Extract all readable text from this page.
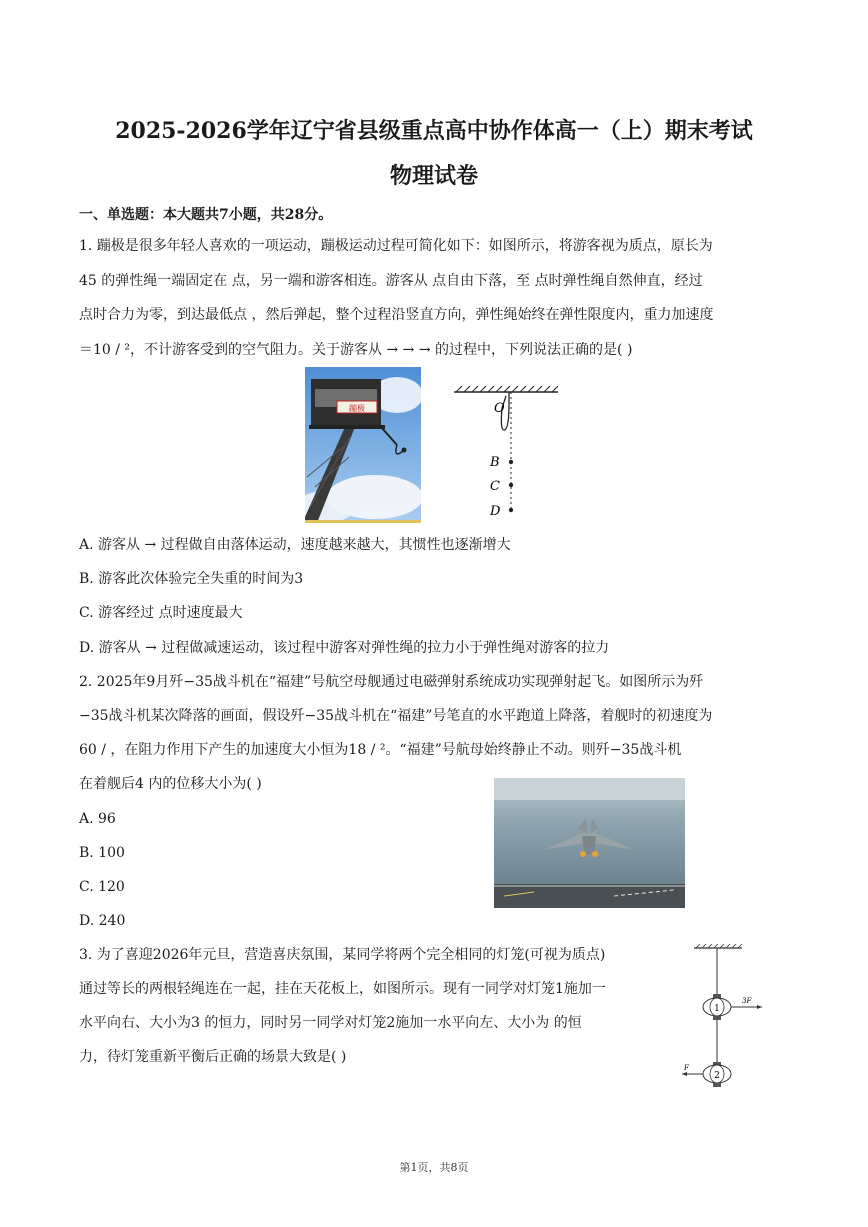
2025-2026学年辽宁省县级重点高中协作体高一（上）期末考试
物理试卷
一、单选题：本大题共7小题，共28分。
1. 蹦极是很多年轻人喜欢的一项运动，蹦极运动过程可简化如下：如图所示，将游客视为质点，原长为
45 的弹性绳一端固定在 点，另一端和游客相连。游客从 点自由下落，至 点时弹性绳自然伸直，经过
点时合力为零，到达最低点 ，然后弹起，整个过程沿竖直方向，弹性绳始终在弹性限度内，重力加速度
＝10 / ²，不计游客受到的空气阻力。关于游客从 → → → 的过程中，下列说法正确的是( )
蹦极	O
B
C
D
A. 游客从 → 过程做自由落体运动，速度越来越大，其惯性也逐渐增大
B. 游客此次体验完全失重的时间为3
C. 游客经过 点时速度最大
D. 游客从 → 过程做减速运动，该过程中游客对弹性绳的拉力小于弹性绳对游客的拉力
2. 2025年9月歼−35战斗机在“福建”号航空母舰通过电磁弹射系统成功实现弹射起飞。如图所示为歼
−35战斗机某次降落的画面，假设歼−35战斗机在“福建”号笔直的水平跑道上降落，着舰时的初速度为
60 / ，在阻力作用下产生的加速度大小恒为18 / ²。“福建”号航母始终静止不动。则歼−35战斗机
在着舰后4 内的位移大小为( )
A. 96
B. 100
C. 120
D. 240
3. 为了喜迎2026年元旦，营造喜庆氛围，某同学将两个完全相同的灯笼(可视为质点)
通过等长的两根轻绳连在一起，挂在天花板上，如图所示。现有一同学对灯笼1施加一
水平向右、大小为3 的恒力，同时另一同学对灯笼2施加一水平向左、大小为 的恒
力，待灯笼重新平衡后正确的场景大致是( )
1
3F
2
F
第1页，共8页
